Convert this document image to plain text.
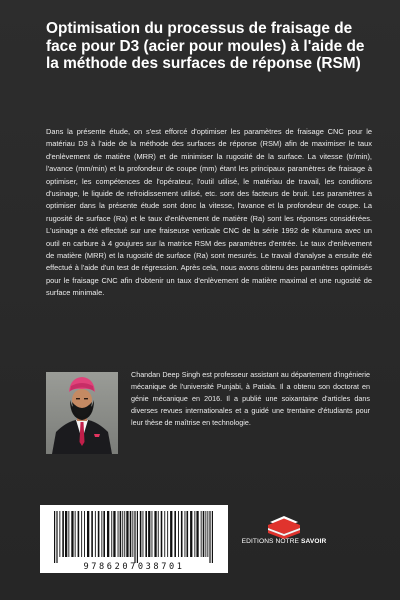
Optimisation du processus de fraisage de face pour D3 (acier pour moules) à l'aide de la méthode des surfaces de réponse (RSM)

Dans la présente étude, on s'est efforcé d'optimiser les paramètres de fraisage CNC pour le matériau D3 à l'aide de la méthode des surfaces de réponse (RSM) afin de maximiser le taux d'enlèvement de matière (MRR) et de minimiser la rugosité de la surface. La vitesse (tr/min), l'avance (mm/min) et la profondeur de coupe (mm) étant les principaux paramètres de fraisage à optimiser, les compétences de l'opérateur, l'outil utilisé, le matériau de travail, les conditions d'usinage, le liquide de refroidissement utilisé, etc. sont des facteurs de bruit. Les paramètres à optimiser dans la présente étude sont donc la vitesse, l'avance et la profondeur de coupe. La rugosité de surface (Ra) et le taux d'enlèvement de matière (Ra) sont les réponses considérées. L'usinage a été effectué sur une fraiseuse verticale CNC de la série 1992 de Kitumura avec un outil en carbure à 4 goujures sur la matrice RSM des paramètres d'entrée. Le taux d'enlèvement de matière (MRR) et la rugosité de surface (Ra) sont mesurés. Le travail d'analyse a ensuite été effectué à l'aide d'un test de régression. Après cela, nous avons obtenu des paramètres optimisés pour le fraisage CNC afin d'obtenir un taux d'enlèvement de matière maximal et une rugosité de surface minimale.

Chandan Deep Singh est professeur assistant au département d'ingénierie mécanique de l'université Punjabi, à Patiala. Il a obtenu son doctorat en génie mécanique en 2016. Il a publié une soixantaine d'articles dans diverses revues internationales et a guidé une trentaine d'étudiants pour leur thèse de maîtrise en technologie.

9786207038701
EDITIONS NOTRE SAVOIR
